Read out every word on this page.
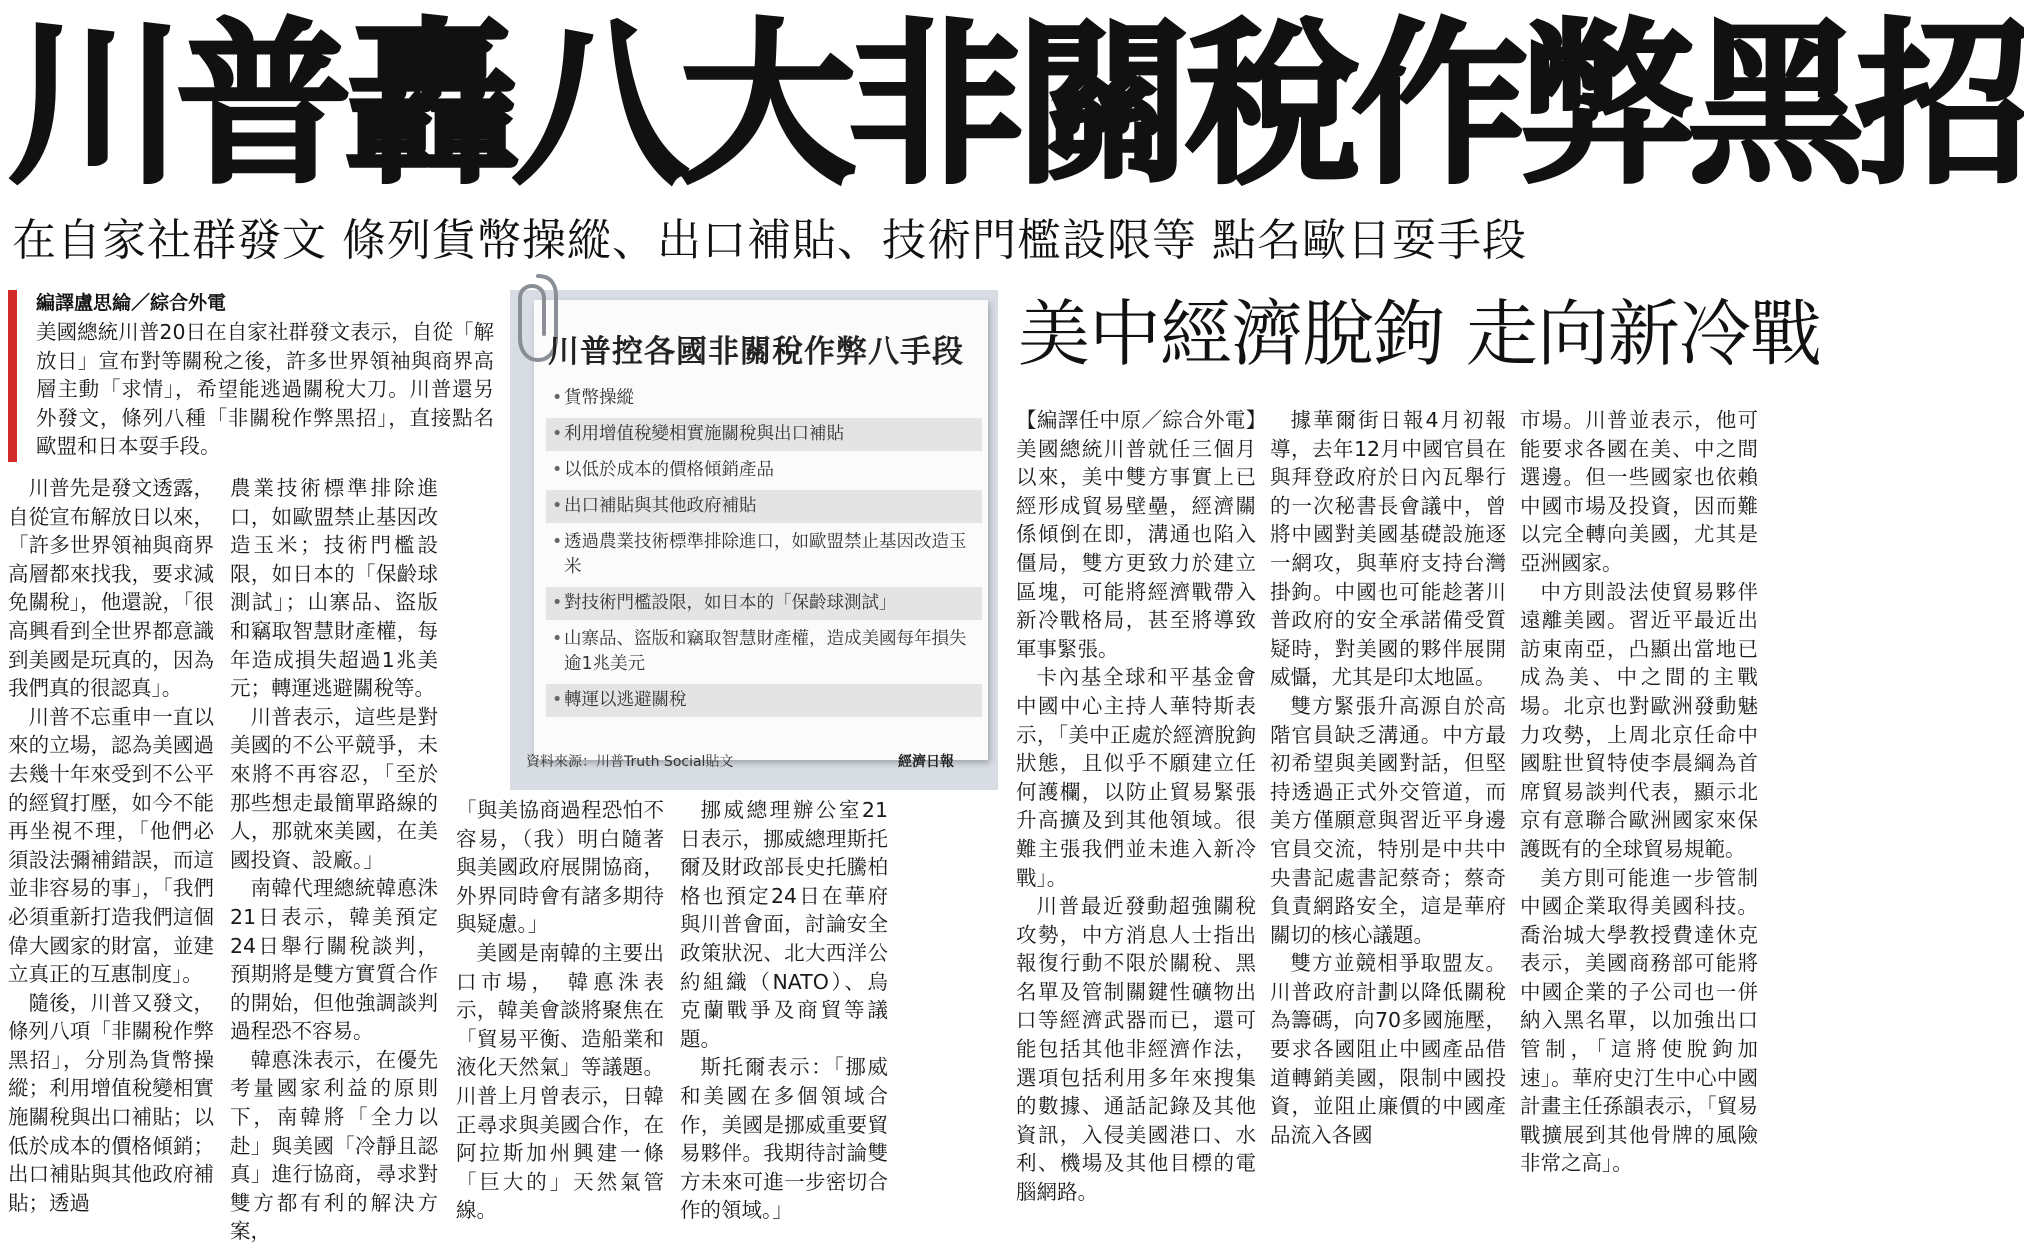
川普轟八大非關稅作弊黑招
在自家社群發文 條列貨幣操縱、出口補貼、技術門檻設限等 點名歐日耍手段
編譯盧思綸／綜合外電
美國總統川普20日在自家社群發文表示，自從「解放日」宣布對等關稅之後，許多世界領袖與商界高層主動「求情」，希望能逃過關稅大刀。川普還另外發文，條列八種「非關稅作弊黑招」，直接點名歐盟和日本耍手段。

川普先是發文透露，自從宣布解放日以來，「許多世界領袖與商界高層都來找我，要求減免關稅」，他還說，「很高興看到全世界都意識到美國是玩真的，因為我們真的很認真」。

川普不忘重申一直以來的立場，認為美國過去幾十年來受到不公平的經貿打壓，如今不能再坐視不理，「他們必須設法彌補錯誤，而這並非容易的事」，「我們必須重新打造我們這個偉大國家的財富，並建立真正的互惠制度」。

隨後，川普又發文，條列八項「非關稅作弊黑招」，分別為貨幣操縱；利用增值稅變相實施關稅與出口補貼；以低於成本的價格傾銷；出口補貼與其他政府補貼；透過

農業技術標準排除進口，如歐盟禁止基因改造玉米；技術門檻設限，如日本的「保齡球測試」；山寨品、盜版和竊取智慧財產權，每年造成損失超過1兆美元；轉運逃避關稅等。

川普表示，這些是對美國的不公平競爭，未來將不再容忍，「至於那些想走最簡單路線的人，那就來美國，在美國投資、設廠。」

南韓代理總統韓悳洙21日表示，韓美預定24日舉行關稅談判，預期將是雙方實質合作的開始，但他強調談判過程恐不容易。

韓悳洙表示，在優先考量國家利益的原則下，南韓將「全力以赴」與美國「冷靜且認真」進行協商，尋求對雙方都有利的解決方案，

「與美協商過程恐怕不容易，（我）明白隨著與美國政府展開協商，外界同時會有諸多期待與疑慮。」

美國是南韓的主要出口市場， 韓悳洙表示，韓美會談將聚焦在「貿易平衡、造船業和液化天然氣」等議題。川普上月曾表示，日韓正尋求與美國合作，在阿拉斯加州興建一條「巨大的」天然氣管線。

挪威總理辦公室21日表示，挪威總理斯托爾及財政部長史托騰柏格也預定24日在華府與川普會面，討論安全政策狀況、北大西洋公約組織（NATO）、烏克蘭戰爭及商貿等議題。

斯托爾表示：「挪威和美國在多個領域合作，美國是挪威重要貿易夥伴。我期待討論雙方未來可進一步密切合作的領域。」

川普控各國非關稅作弊八手段
• 貨幣操縱
• 利用增值稅變相實施關稅與出口補貼
• 以低於成本的價格傾銷產品
• 出口補貼與其他政府補貼
• 透過農業技術標準排除進口，如歐盟禁止基因改造玉米
• 對技術門檻設限，如日本的「保齡球測試」
• 山寨品、盜版和竊取智慧財產權，造成美國每年損失逾1兆美元
• 轉運以逃避關稅
資料來源：川普Truth Social貼文	經濟日報
美中經濟脫鉤 走向新冷戰

【編譯任中原／綜合外電】美國總統川普就任三個月以來，美中雙方事實上已經形成貿易壁壘，經濟關係傾倒在即，溝通也陷入僵局，雙方更致力於建立區塊，可能將經濟戰帶入新冷戰格局，甚至將導致軍事緊張。

卡內基全球和平基金會中國中心主持人華特斯表示，「美中正處於經濟脫鉤狀態，且似乎不願建立任何護欄，以防止貿易緊張升高擴及到其他領域。很難主張我們並未進入新冷戰」。

川普最近發動超強關稅攻勢，中方消息人士指出報復行動不限於關稅、黑名單及管制關鍵性礦物出口等經濟武器而已，還可能包括其他非經濟作法，選項包括利用多年來搜集的數據、通話記錄及其他資訊，入侵美國港口、水利、機場及其他目標的電腦網路。

據華爾街日報4月初報導，去年12月中國官員在與拜登政府於日內瓦舉行的一次秘書長會議中，曾將中國對美國基礎設施逐一網攻，與華府支持台灣掛鉤。中國也可能趁著川普政府的安全承諾備受質疑時，對美國的夥伴展開威懾，尤其是印太地區。

雙方緊張升高源自於高階官員缺乏溝通。中方最初希望與美國對話，但堅持透過正式外交管道，而美方僅願意與習近平身邊官員交流，特別是中共中央書記處書記蔡奇；蔡奇負責網路安全，這是華府關切的核心議題。

雙方並競相爭取盟友。川普政府計劃以降低關稅為籌碼，向70多國施壓，要求各國阻止中國產品借道轉銷美國，限制中國投資，並阻止廉價的中國產品流入各國

市場。川普並表示，他可能要求各國在美、中之間選邊。但一些國家也依賴中國市場及投資，因而難以完全轉向美國，尤其是亞洲國家。

中方則設法使貿易夥伴遠離美國。習近平最近出訪東南亞，凸顯出當地已成為美、中之間的主戰場。北京也對歐洲發動魅力攻勢，上周北京任命中國駐世貿特使李晨綱為首席貿易談判代表，顯示北京有意聯合歐洲國家來保護既有的全球貿易規範。

美方則可能進一步管制中國企業取得美國科技。喬治城大學教授費達休克表示，美國商務部可能將中國企業的子公司也一併納入黑名單，以加強出口管制，「這將使脫鉤加速」。華府史汀生中心中國計畫主任孫韻表示，「貿易戰擴展到其他骨牌的風險非常之高」。
